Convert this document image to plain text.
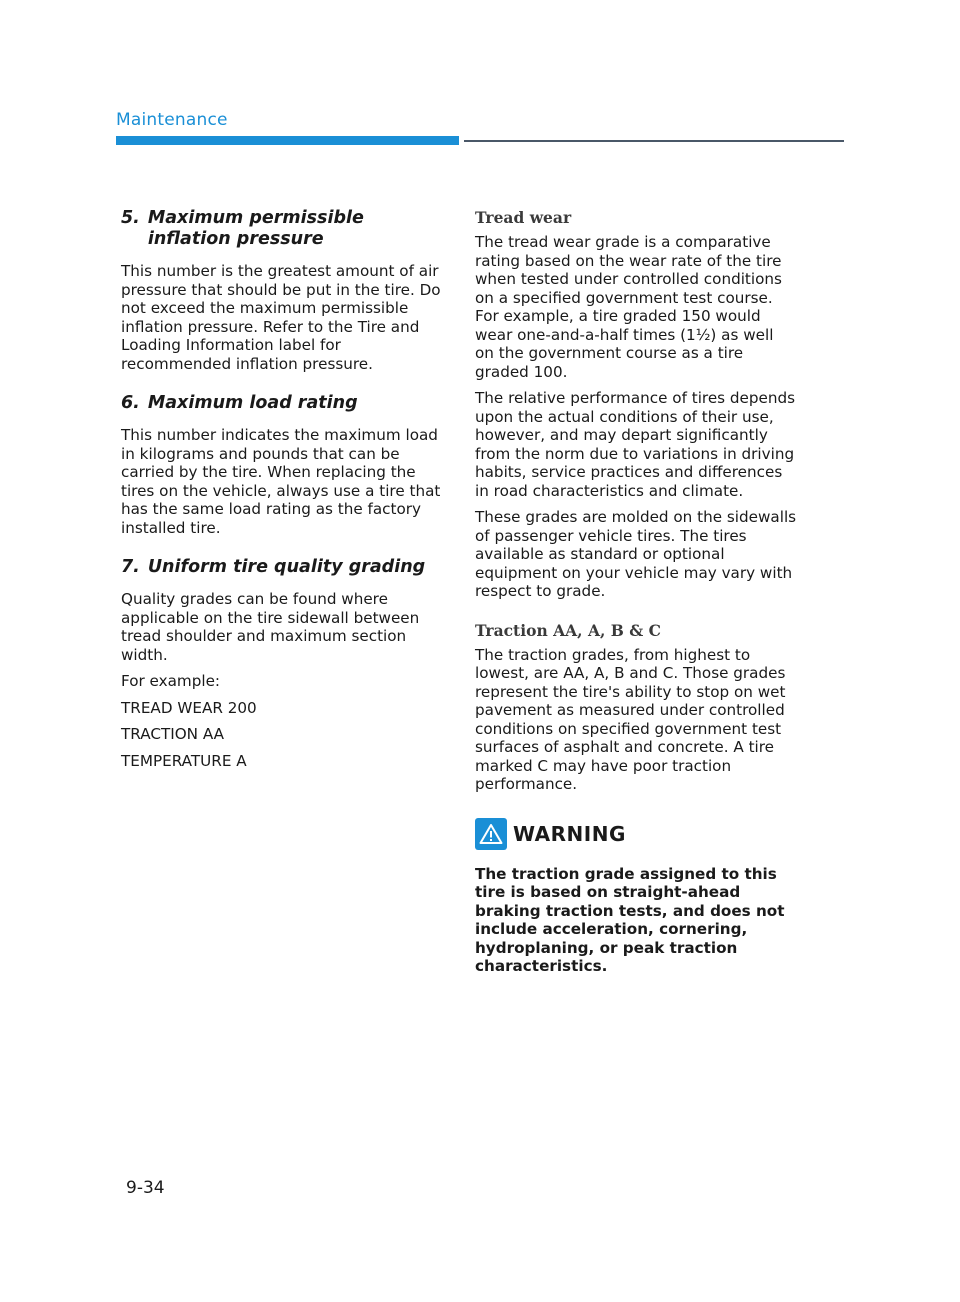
Maintenance
5. Maximum permissible inflation pressure

This number is the greatest amount of air pressure that should be put in the tire. Do not exceed the maximum permissible inflation pressure. Refer to the Tire and Loading Information label for recommended inflation pressure.

6. Maximum load rating

This number indicates the maximum load in kilograms and pounds that can be carried by the tire. When replacing the tires on the vehicle, always use a tire that has the same load rating as the factory installed tire.

7. Uniform tire quality grading

Quality grades can be found where applicable on the tire sidewall between tread shoulder and maximum section width.

For example:

TREAD WEAR 200

TRACTION AA

TEMPERATURE A

Tread wear

The tread wear grade is a comparative rating based on the wear rate of the tire when tested under controlled conditions on a specified government test course. For example, a tire graded 150 would wear one-and-a-half times (1½) as well on the government course as a tire graded 100.

The relative performance of tires depends upon the actual conditions of their use, however, and may depart significantly from the norm due to variations in driving habits, service practices and differences in road characteristics and climate.

These grades are molded on the sidewalls of passenger vehicle tires. The tires available as standard or optional equipment on your vehicle may vary with respect to grade.

Traction AA, A, B & C

The traction grades, from highest to lowest, are AA, A, B and C. Those grades represent the tire's ability to stop on wet pavement as measured under controlled conditions on specified government test surfaces of asphalt and concrete. A tire marked C may have poor traction performance.

WARNING

The traction grade assigned to this tire is based on straight-ahead braking traction tests, and does not include acceleration, cornering, hydroplaning, or peak traction characteristics.

9-34
